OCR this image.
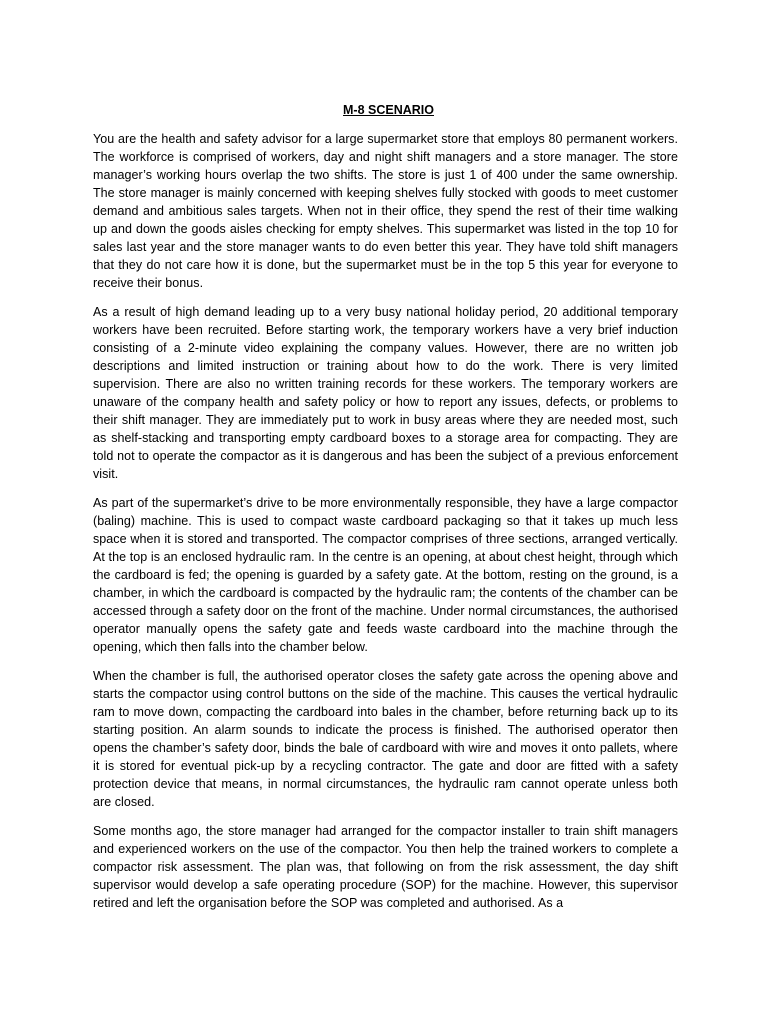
M-8 SCENARIO

You are the health and safety advisor for a large supermarket store that employs 80 permanent workers. The workforce is comprised of workers, day and night shift managers and a store manager. The store manager’s working hours overlap the two shifts. The store is just 1 of 400 under the same ownership. The store manager is mainly concerned with keeping shelves fully stocked with goods to meet customer demand and ambitious sales targets. When not in their office, they spend the rest of their time walking up and down the goods aisles checking for empty shelves. This supermarket was listed in the top 10 for sales last year and the store manager wants to do even better this year. They have told shift managers that they do not care how it is done, but the supermarket must be in the top 5 this year for everyone to receive their bonus.

As a result of high demand leading up to a very busy national holiday period, 20 additional temporary workers have been recruited. Before starting work, the temporary workers have a very brief induction consisting of a 2-minute video explaining the company values. However, there are no written job descriptions and limited instruction or training about how to do the work. There is very limited supervision. There are also no written training records for these workers. The temporary workers are unaware of the company health and safety policy or how to report any issues, defects, or problems to their shift manager. They are immediately put to work in busy areas where they are needed most, such as shelf-stacking and transporting empty cardboard boxes to a storage area for compacting. They are told not to operate the compactor as it is dangerous and has been the subject of a previous enforcement visit.

As part of the supermarket’s drive to be more environmentally responsible, they have a large compactor (baling) machine. This is used to compact waste cardboard packaging so that it takes up much less space when it is stored and transported. The compactor comprises of three sections, arranged vertically. At the top is an enclosed hydraulic ram. In the centre is an opening, at about chest height, through which the cardboard is fed; the opening is guarded by a safety gate. At the bottom, resting on the ground, is a chamber, in which the cardboard is compacted by the hydraulic ram; the contents of the chamber can be accessed through a safety door on the front of the machine. Under normal circumstances, the authorised operator manually opens the safety gate and feeds waste cardboard into the machine through the opening, which then falls into the chamber below.

When the chamber is full, the authorised operator closes the safety gate across the opening above and starts the compactor using control buttons on the side of the machine. This causes the vertical hydraulic ram to move down, compacting the cardboard into bales in the chamber, before returning back up to its starting position. An alarm sounds to indicate the process is finished. The authorised operator then opens the chamber’s safety door, binds the bale of cardboard with wire and moves it onto pallets, where it is stored for eventual pick-up by a recycling contractor. The gate and door are fitted with a safety protection device that means, in normal circumstances, the hydraulic ram cannot operate unless both are closed.

Some months ago, the store manager had arranged for the compactor installer to train shift managers and experienced workers on the use of the compactor. You then help the trained workers to complete a compactor risk assessment. The plan was, that following on from the risk assessment, the day shift supervisor would develop a safe operating procedure (SOP) for the machine. However, this supervisor retired and left the organisation before the SOP was completed and authorised. As a
